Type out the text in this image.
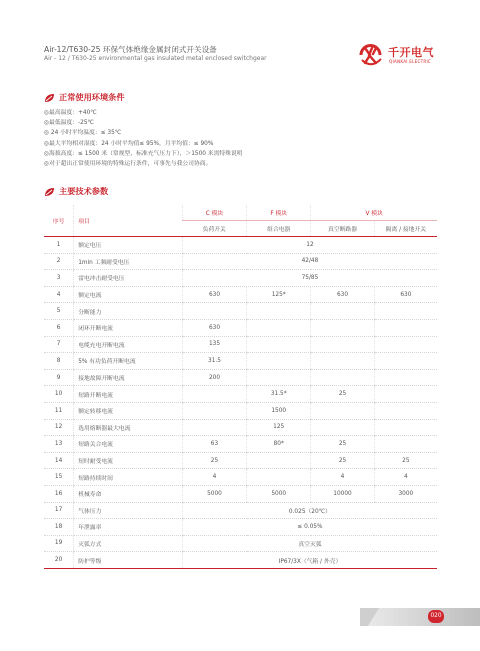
Air-12/T630-25 环保气体绝缘金属封闭式开关设备
Air - 12 / T630-25 environmental gas insulated metal enclosed switchgear	千开电气
QIANKAI ELECTRIC
正常使用环境条件
◎最高温度：+40℃
◎最低温度：-25℃
◎ 24 小时平均温度：≤ 35℃
◎最大平均相对湿度：24 小时平均值≤ 95%，月平均值：≤ 90%
◎海拔高度：≤ 1500 米（常规型，标准充气压力下），＞1500 米需特殊说明
◎对于超出正常使用环境的特殊运行条件，可事先与我公司协商。
主要技术参数
序号	项目	C 模块	F 模块	V 模块	
		负荷开关	组合电器	真空断路器	隔离 / 接地开关
1	额定电压	12			
2	1min 工频耐受电压	42/48			
3	雷电冲击耐受电压	75/85			
4	额定电流	630	125*	630	630
5	分断能力				
6	闭环开断电流	630			
7	电缆充电开断电流	135			
8	5% 有功负荷开断电流	31.5			
9	接地故障开断电流	200			
10	短路开断电流		31.5*	25	
11	额定转移电流		1500		
12	选用熔断器最大电流		125		
13	短路关合电流	63	80*	25	
14	短时耐受电流	25		25	25
15	短路持续时间	4		4	4
16	机械寿命	5000	5000	10000	3000
17	气体压力	0.025（20℃）			
18	年泄露率	≤ 0.05%			
19	灭弧方式	真空灭弧			
20	防护等级	IP67/3X（气箱 / 外壳）			
020
